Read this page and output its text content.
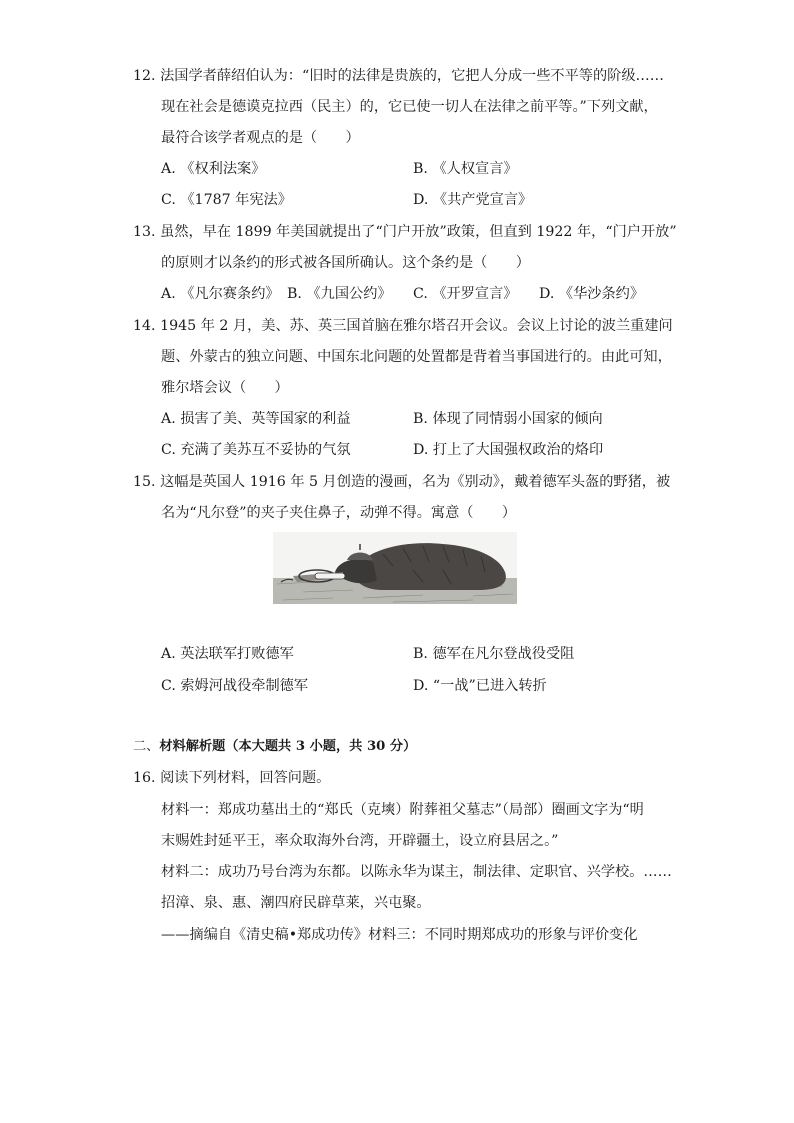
12. 法国学者薛绍伯认为：“旧时的法律是贵族的，它把人分成一些不平等的阶级……
现在社会是德谟克拉西（民主）的，它已使一切人在法律之前平等。”下列文献，
最符合该学者观点的是（　　）
A. 《权利法案》	B. 《人权宣言》
C. 《1787 年宪法》	D. 《共产党宣言》
13. 虽然，早在 1899 年美国就提出了“门户开放”政策，但直到 1922 年，“门户开放”
的原则才以条约的形式被各国所确认。这个条约是（　　）
A. 《凡尔赛条约》 B. 《九国公约》 C. 《开罗宣言》 D. 《华沙条约》
14. 1945 年 2 月，美、苏、英三国首脑在雅尔塔召开会议。会议上讨论的波兰重建问
题、外蒙古的独立问题、中国东北问题的处置都是背着当事国进行的。由此可知，
雅尔塔会议（　　）
A. 损害了美、英等国家的利益	B. 体现了同情弱小国家的倾向
C. 充满了美苏互不妥协的气氛	D. 打上了大国强权政治的烙印
15. 这幅是英国人 1916 年 5 月创造的漫画，名为《别动》，戴着德军头盔的野猪，被
名为“凡尔登”的夹子夹住鼻子，动弹不得。寓意（　　）
A. 英法联军打败德军	B. 德军在凡尔登战役受阻
C. 索姆河战役牵制德军	D. “一战”已进入转折
二、材料解析题（本大题共 3 小题，共 30 分）
16. 阅读下列材料，回答问题。
材料一：郑成功墓出土的“郑氏（克塽）附葬祖父墓志”（局部）圈画文字为“明
末赐姓封延平王，率众取海外台湾，开辟疆土，设立府县居之。”
材料二：成功乃号台湾为东都。以陈永华为谋主，制法律、定职官、兴学校。……
招漳、泉、惠、潮四府民辟草莱，兴屯聚。
——摘编自《清史稿•郑成功传》材料三：不同时期郑成功的形象与评价变化
